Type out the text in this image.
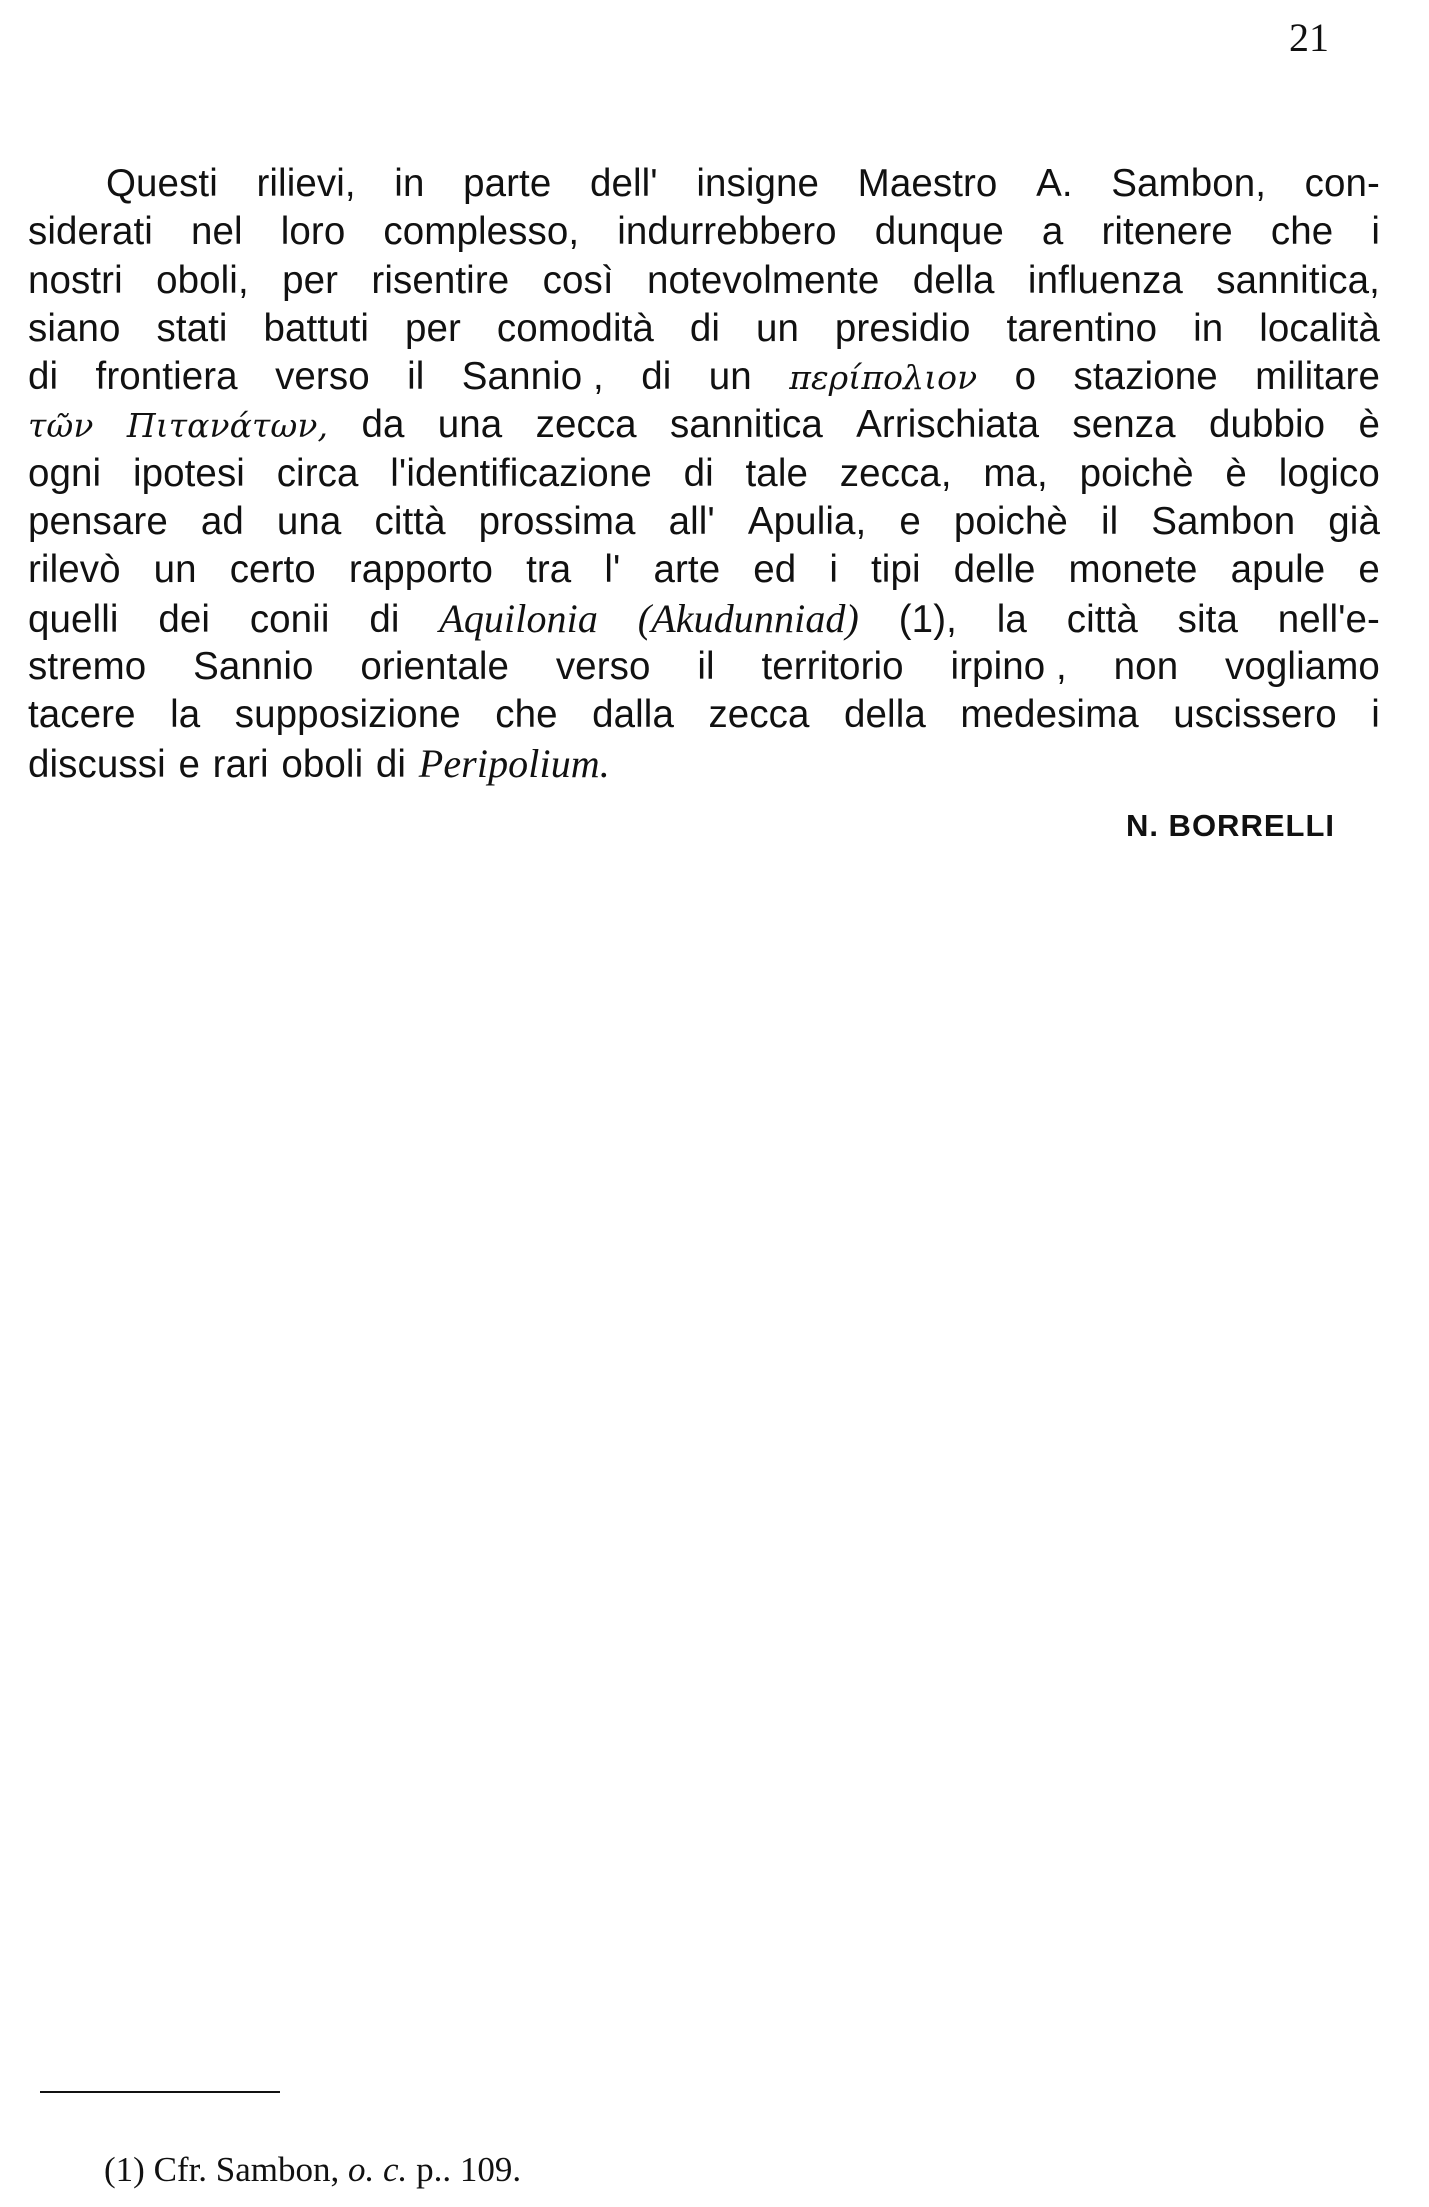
21
Questi rilievi, in parte dell' insigne Maestro A. Sambon, con-
siderati nel loro complesso, indurrebbero dunque a ritenere che i
nostri oboli, per risentire così notevolmente della influenza sannitica,
siano stati battuti per comodità di un presidio tarentino in località
di frontiera verso il Sannio , di un περίπολιον o stazione militare
τῶν Πιτανάτων, da una zecca sannitica Arrischiata senza dubbio è
ogni ipotesi circa l'identificazione di tale zecca, ma, poichè è logico
pensare ad una città prossima all' Apulia, e poichè il Sambon già
rilevò un certo rapporto tra l' arte ed i tipi delle monete apule e
quelli dei conii di Aquilonia (Akudunniad) (1), la città sita nell'e-
stremo Sannio orientale verso il territorio irpino , non vogliamo
tacere la supposizione che dalla zecca della medesima uscissero i
discussi e rari oboli di Peripolium.
N. BORRELLI
(1) Cfr. Sambon, o. c. p.. 109.
